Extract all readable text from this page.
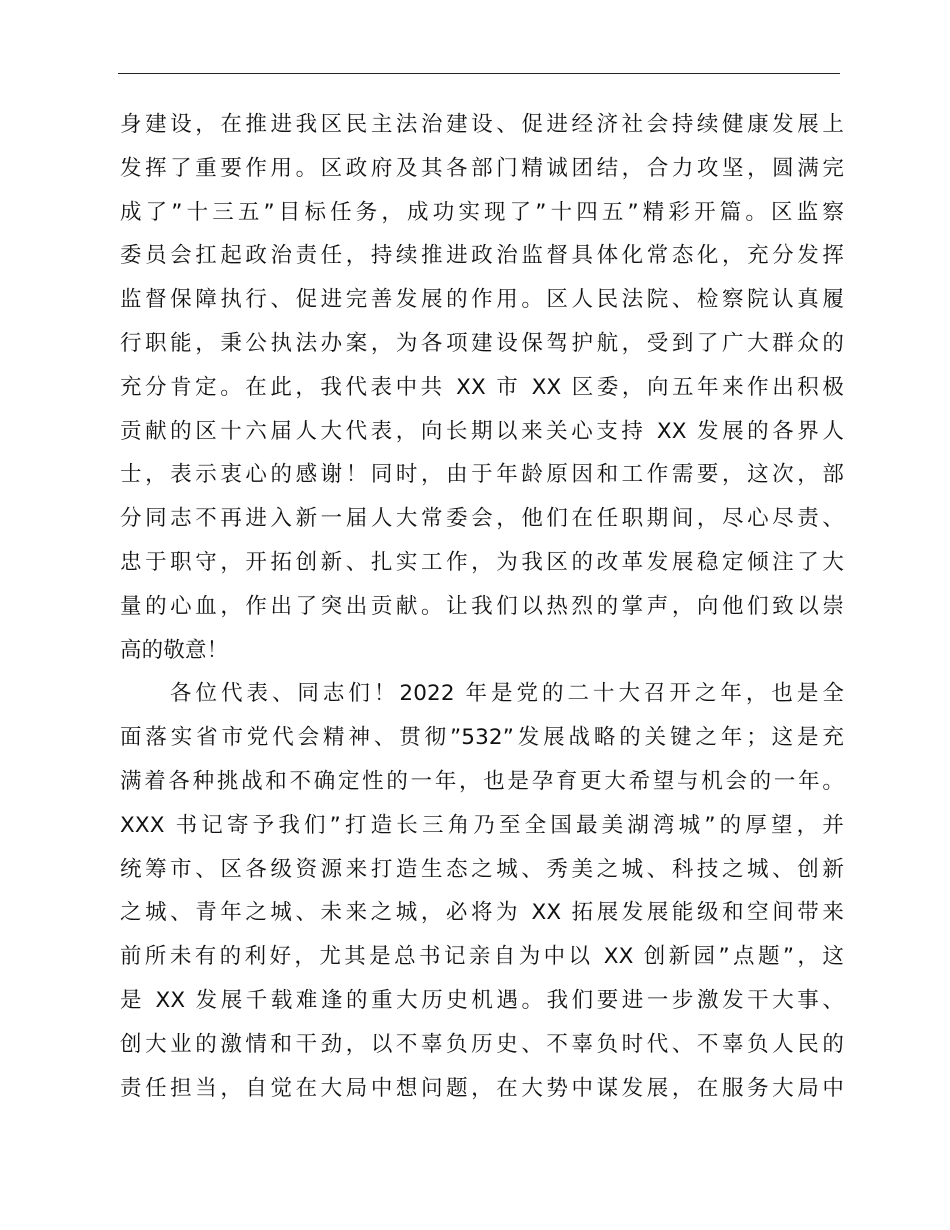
身建设，在推进我区民主法治建设、促进经济社会持续健康发展上
发挥了重要作用。区政府及其各部门精诚团结，合力攻坚，圆满完
成了”十三五”目标任务，成功实现了”十四五”精彩开篇。区监察
委员会扛起政治责任，持续推进政治监督具体化常态化，充分发挥
监督保障执行、促进完善发展的作用。区人民法院、检察院认真履
行职能，秉公执法办案，为各项建设保驾护航，受到了广大群众的
充分肯定。在此，我代表中共 XX 市 XX 区委，向五年来作出积极
贡献的区十六届人大代表，向长期以来关心支持 XX 发展的各界人
士，表示衷心的感谢！同时，由于年龄原因和工作需要，这次，部
分同志不再进入新一届人大常委会，他们在任职期间，尽心尽责、
忠于职守，开拓创新、扎实工作，为我区的改革发展稳定倾注了大
量的心血，作出了突出贡献。让我们以热烈的掌声，向他们致以崇
高的敬意！
各位代表、同志们！2022 年是党的二十大召开之年，也是全
面落实省市党代会精神、贯彻”532”发展战略的关键之年；这是充
满着各种挑战和不确定性的一年，也是孕育更大希望与机会的一年。
XXX 书记寄予我们”打造长三角乃至全国最美湖湾城”的厚望，并
统筹市、区各级资源来打造生态之城、秀美之城、科技之城、创新
之城、青年之城、未来之城，必将为 XX 拓展发展能级和空间带来
前所未有的利好，尤其是总书记亲自为中以 XX 创新园”点题”，这
是 XX 发展千载难逢的重大历史机遇。我们要进一步激发干大事、
创大业的激情和干劲，以不辜负历史、不辜负时代、不辜负人民的
责任担当，自觉在大局中想问题，在大势中谋发展，在服务大局中
